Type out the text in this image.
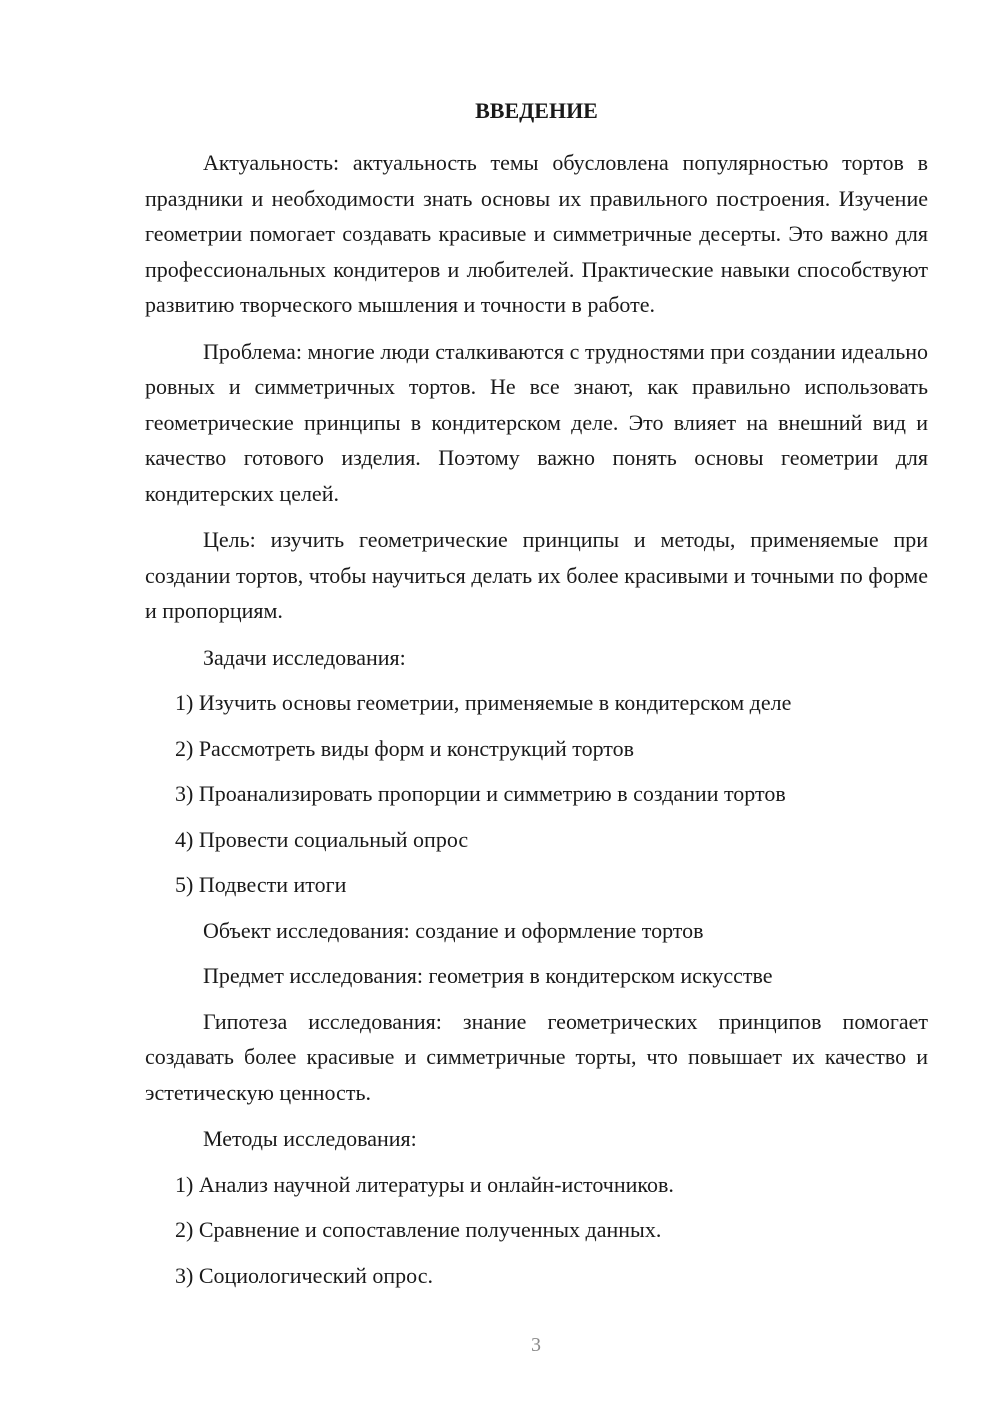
ВВЕДЕНИЕ

Актуальность: актуальность темы обусловлена популярностью тортов в праздники и необходимости знать основы их правильного построения. Изучение геометрии помогает создавать красивые и симметричные десерты. Это важно для профессиональных кондитеров и любителей. Практические навыки способствуют развитию творческого мышления и точности в работе.

Проблема: многие люди сталкиваются с трудностями при создании идеально ровных и симметричных тортов. Не все знают, как правильно использовать геометрические принципы в кондитерском деле. Это влияет на внешний вид и качество готового изделия. Поэтому важно понять основы геометрии для кондитерских целей.

Цель: изучить геометрические принципы и методы, применяемые при создании тортов, чтобы научиться делать их более красивыми и точными по форме и пропорциям.

Задачи исследования:

1) Изучить основы геометрии, применяемые в кондитерском деле
2) Рассмотреть виды форм и конструкций тортов
3) Проанализировать пропорции и симметрию в создании тортов
4) Провести социальный опрос
5) Подвести итоги

Объект исследования: создание и оформление тортов

Предмет исследования: геометрия в кондитерском искусстве

Гипотеза исследования: знание геометрических принципов помогает создавать более красивые и симметричные торты, что повышает их качество и эстетическую ценность.

Методы исследования:

1) Анализ научной литературы и онлайн-источников.
2) Сравнение и сопоставление полученных данных.
3) Социологический опрос.
3
